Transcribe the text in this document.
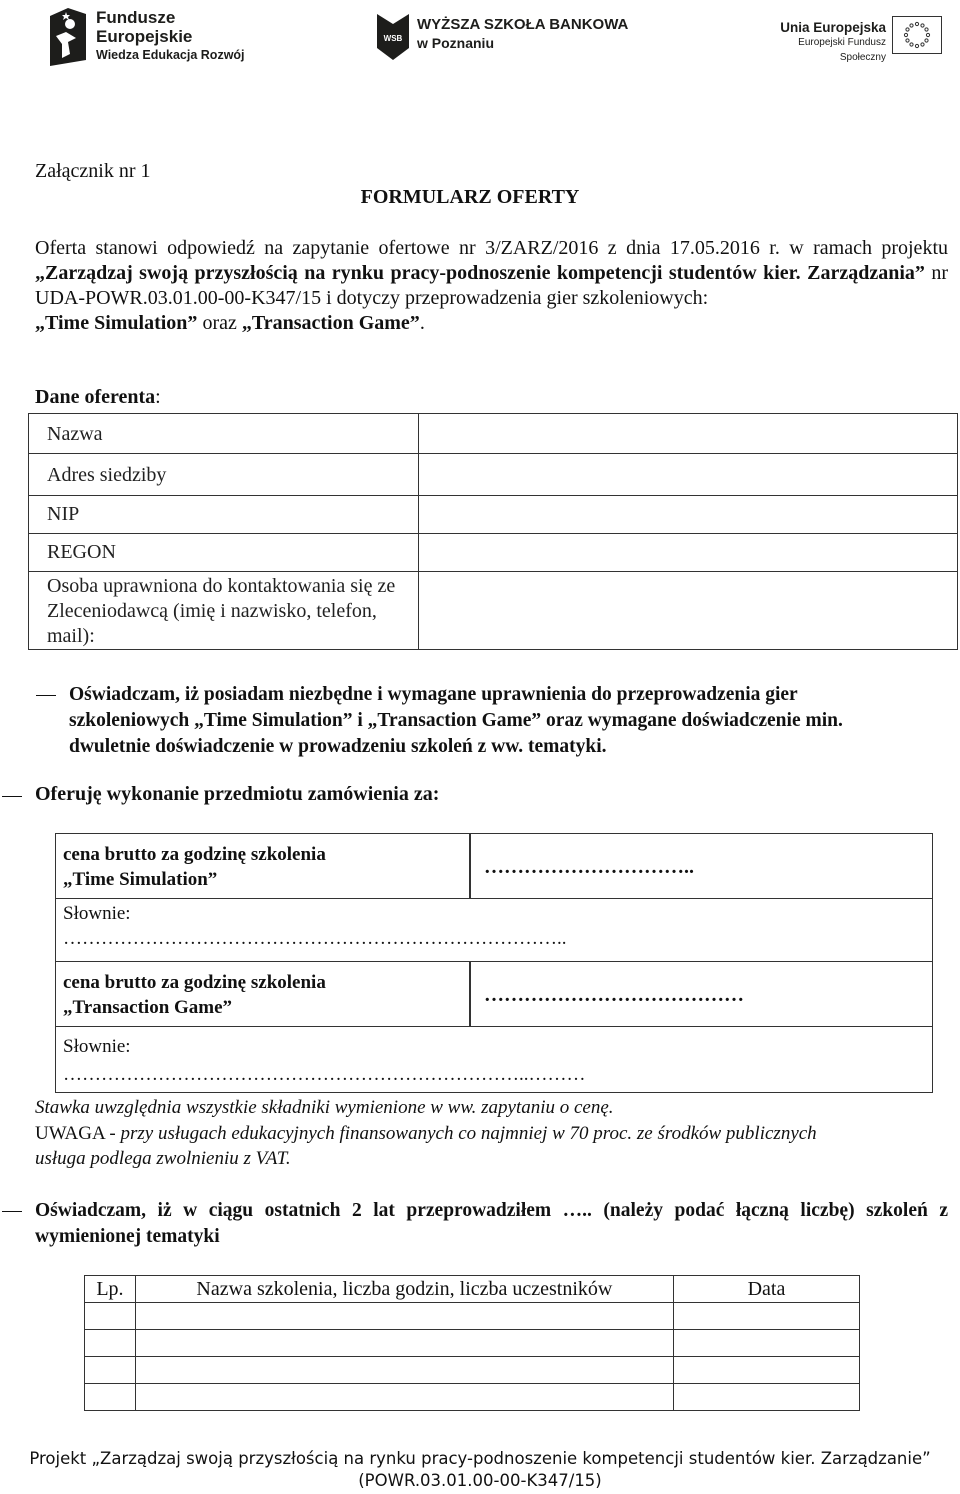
Fundusze
Europejskie
Wiedza Edukacja Rozwój
WSB
WYŻSZA SZKOŁA BANKOWA
w Poznaniu
Unia Europejska
Europejski Fundusz Społeczny
Załącznik nr 1
FORMULARZ OFERTY
Oferta stanowi odpowiedź na zapytanie ofertowe nr 3/ZARZ/2016 z dnia 17.05.2016 r. w ramach projektu „Zarządzaj swoją przyszłością na rynku pracy-podnoszenie kompetencji studentów kier. Zarządzania” nr UDA-POWR.03.01.00-00-K347/15 i dotyczy przeprowadzenia gier szkoleniowych:
„Time Simulation” oraz „Transaction Game”.
Dane oferenta:
Nazwa	
Adres siedziby	
NIP	
REGON	
Osoba uprawniona do kontaktowania się ze Zleceniodawcą (imię i nazwisko, telefon, mail):	
Oświadczam, iż posiadam niezbędne i wymagane uprawnienia do przeprowadzenia gier szkoleniowych „Time Simulation” i „Transaction Game” oraz wymagane doświadczenie min. dwuletnie doświadczenie w prowadzeniu szkoleń z ww. tematyki.
Oferuję wykonanie przedmiotu zamówienia za:
cena brutto za godzinę szkolenia
„Time Simulation”
…………………………..
Słownie:
……………………………………………………………………..
cena brutto za godzinę szkolenia
„Transaction Game”
…………………………………
Słownie:
………………………………………………………………..………
Stawka uwzględnia wszystkie składniki wymienione w ww. zapytaniu o cenę.
UWAGA - przy usługach edukacyjnych finansowanych co najmniej w 70 proc. ze środków publicznych usługa podlega zwolnieniu z VAT.
Oświadczam, iż w ciągu ostatnich 2 lat przeprowadziłem ….. (należy podać łączną liczbę) szkoleń z wymienionej tematyki
Lp.	Nazwa szkolenia, liczba godzin, liczba uczestników	Data

Projekt „Zarządzaj swoją przyszłością na rynku pracy-podnoszenie kompetencji studentów kier. Zarządzanie”
(POWR.03.01.00-00-K347/15)
